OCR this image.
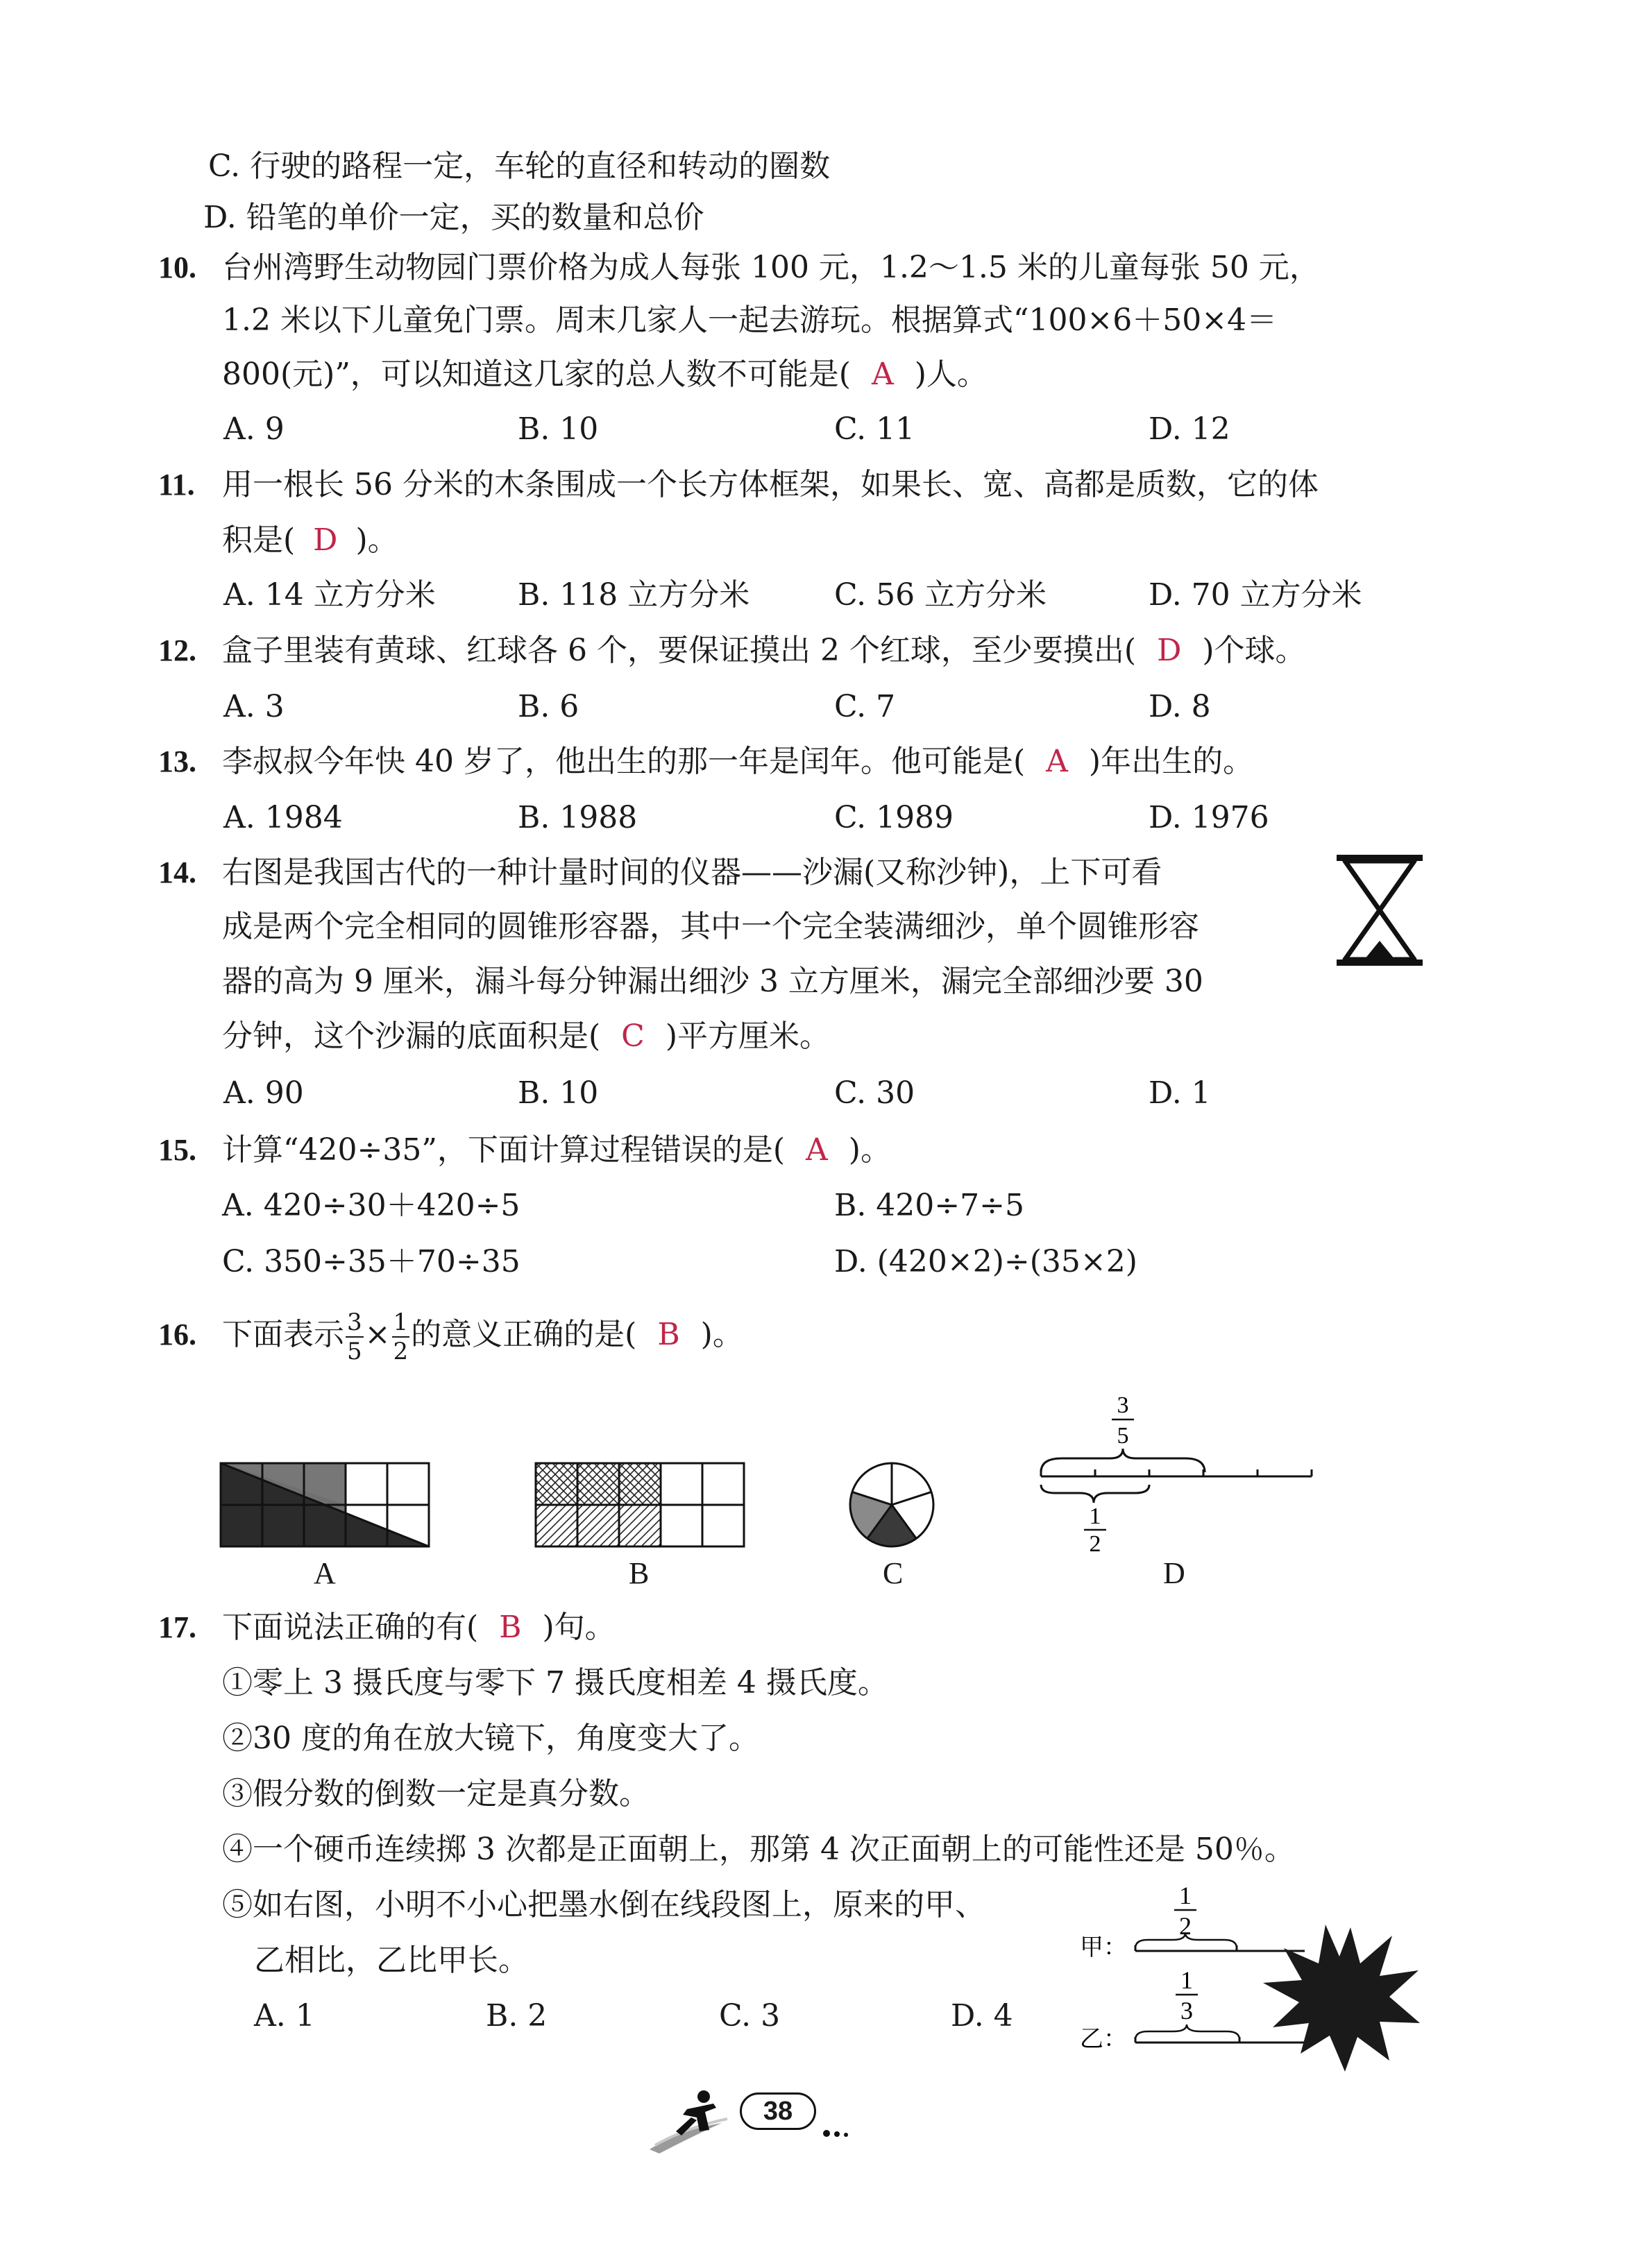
C. 行驶的路程一定，车轮的直径和转动的圈数
D. 铅笔的单价一定，买的数量和总价
10. 台州湾野生动物园门票价格为成人每张 100 元，1.2～1.5 米的儿童每张 50 元，
1.2 米以下儿童免门票。周末几家人一起去游玩。根据算式“100×6＋50×4＝
800(元)”，可以知道这几家的总人数不可能是( A )人。
A. 9	B. 10	C. 11	D. 12
11. 用一根长 56 分米的木条围成一个长方体框架，如果长、宽、高都是质数，它的体
积是( D )。
A. 14 立方分米	B. 118 立方分米	C. 56 立方分米	D. 70 立方分米
12. 盒子里装有黄球、红球各 6 个，要保证摸出 2 个红球，至少要摸出( D )个球。
A. 3	B. 6	C. 7	D. 8
13. 李叔叔今年快 40 岁了，他出生的那一年是闰年。他可能是( A )年出生的。
A. 1984	B. 1988	C. 1989	D. 1976
14. 右图是我国古代的一种计量时间的仪器——沙漏(又称沙钟)，上下可看
成是两个完全相同的圆锥形容器，其中一个完全装满细沙，单个圆锥形容
器的高为 9 厘米，漏斗每分钟漏出细沙 3 立方厘米，漏完全部细沙要 30
分钟，这个沙漏的底面积是( C )平方厘米。
A. 90	B. 10	C. 30	D. 1
15. 计算“420÷35”，下面计算过程错误的是( A )。
A. 420÷30＋420÷5	B. 420÷7÷5
C. 350÷35＋70÷35	D. (420×2)÷(35×2)
16. 下面表示 $\frac{3}{5} \times \frac{1}{2}$ 的意义正确的是( B )。
A	B	C
3
5
1
2
D
17. 下面说法正确的有( B )句。
①零上 3 摄氏度与零下 7 摄氏度相差 4 摄氏度。
②30 度的角在放大镜下，角度变大了。
③假分数的倒数一定是真分数。
④一个硬币连续掷 3 次都是正面朝上，那第 4 次正面朝上的可能性还是 50％。
⑤如右图，小明不小心把墨水倒在线段图上，原来的甲、
乙相比，乙比甲长。
A. 1	B. 2	C. 3	D. 4
1
2
甲：
1
3
乙：
38
